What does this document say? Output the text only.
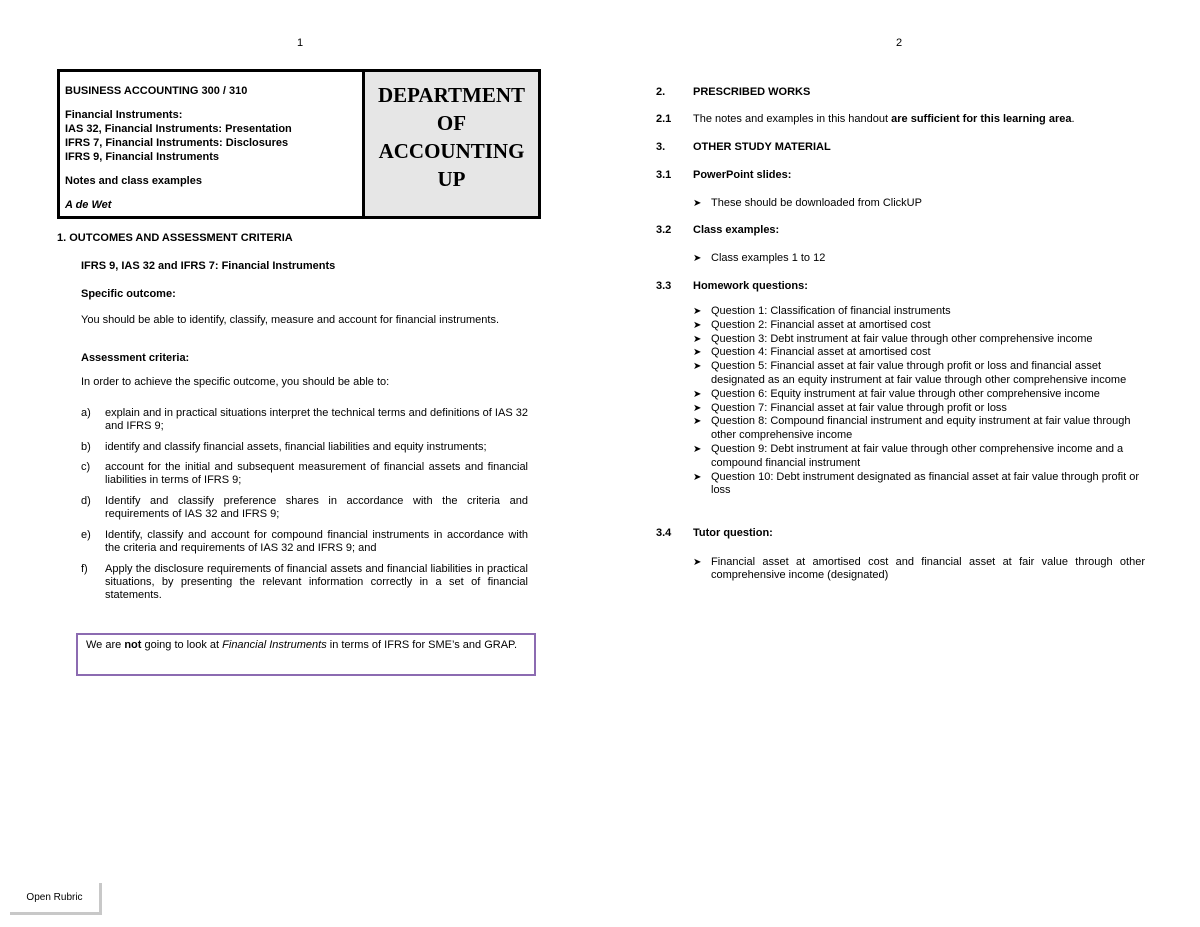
1
BUSINESS ACCOUNTING 300 / 310
Financial Instruments:
IAS 32, Financial Instruments: Presentation
IFRS 7, Financial Instruments: Disclosures
IFRS 9, Financial Instruments
Notes and class examples
A de Wet
DEPARTMENT
OF
ACCOUNTING
UP
1. OUTCOMES AND ASSESSMENT CRITERIA
IFRS 9, IAS 32 and IFRS 7: Financial Instruments
Specific outcome:
You should be able to identify, classify, measure and account for financial instruments.
Assessment criteria:
In order to achieve the specific outcome, you should be able to:
a) explain and in practical situations interpret the technical terms and definitions of IAS 32 and IFRS 9;
b) identify and classify financial assets, financial liabilities and equity instruments;
c) account for the initial and subsequent measurement of financial assets and financial liabilities in terms of IFRS 9;
d) Identify and classify preference shares in accordance with the criteria and requirements of IAS 32 and IFRS 9;
e) Identify, classify and account for compound financial instruments in accordance with the criteria and requirements of IAS 32 and IFRS 9; and
f) Apply the disclosure requirements of financial assets and financial liabilities in practical situations, by presenting the relevant information correctly in a set of financial statements.
We are not going to look at Financial Instruments in terms of IFRS for SME’s and GRAP.
2
2.	PRESCRIBED WORKS
2.1 The notes and examples in this handout are sufficient for this learning area.
3.	OTHER STUDY MATERIAL
3.1 PowerPoint slides:
➤ These should be downloaded from ClickUP
3.2 Class examples:
➤ Class examples 1 to 12
3.3 Homework questions:
➤ Question 1: Classification of financial instruments
➤ Question 2: Financial asset at amortised cost
➤ Question 3: Debt instrument at fair value through other comprehensive income
➤ Question 4: Financial asset at amortised cost
➤ Question 5: Financial asset at fair value through profit or loss and financial asset designated as an equity instrument at fair value through other comprehensive income
➤ Question 6: Equity instrument at fair value through other comprehensive income
➤ Question 7: Financial asset at fair value through profit or loss
➤ Question 8: Compound financial instrument and equity instrument at fair value through other comprehensive income
➤ Question 9: Debt instrument at fair value through other comprehensive income and a compound financial instrument
➤ Question 10: Debt instrument designated as financial asset at fair value through profit or loss
3.4 Tutor question:
➤ Financial asset at amortised cost and financial asset at fair value through other comprehensive income (designated)
Open Rubric
